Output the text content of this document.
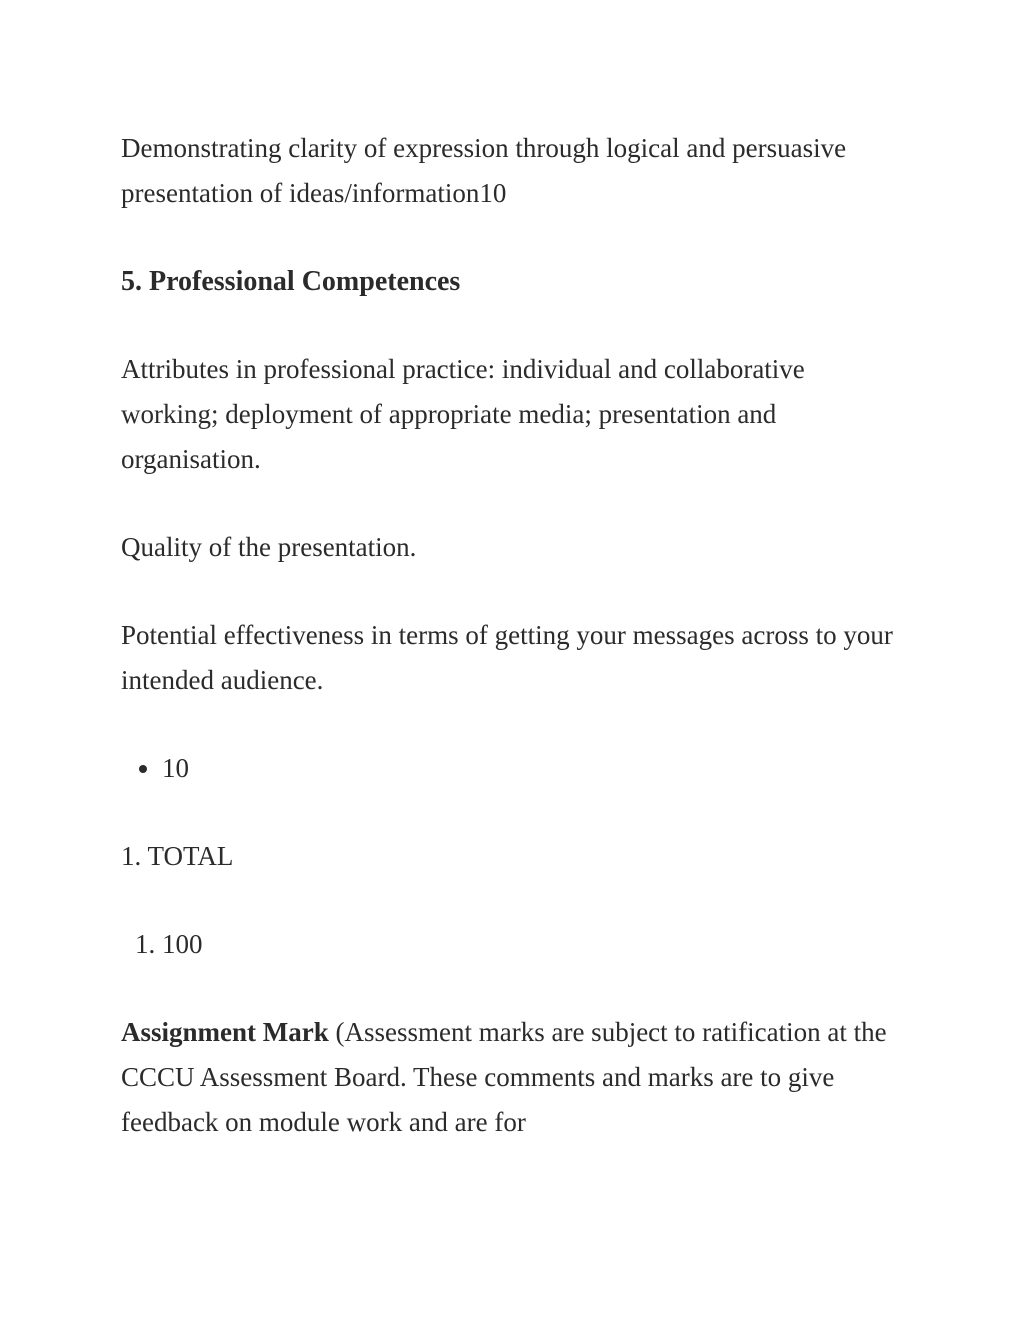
Demonstrating clarity of expression through logical and persuasive presentation of ideas/information10

5. Professional Competences

Attributes in professional practice: individual and collaborative working; deployment of appropriate media; presentation and organisation.

Quality of the presentation.

Potential effectiveness in terms of getting your messages across to your intended audience.

• 10

1. TOTAL

1. 100

Assignment Mark (Assessment marks are subject to ratification at the CCCU Assessment Board. These comments and marks are to give feedback on module work and are for
